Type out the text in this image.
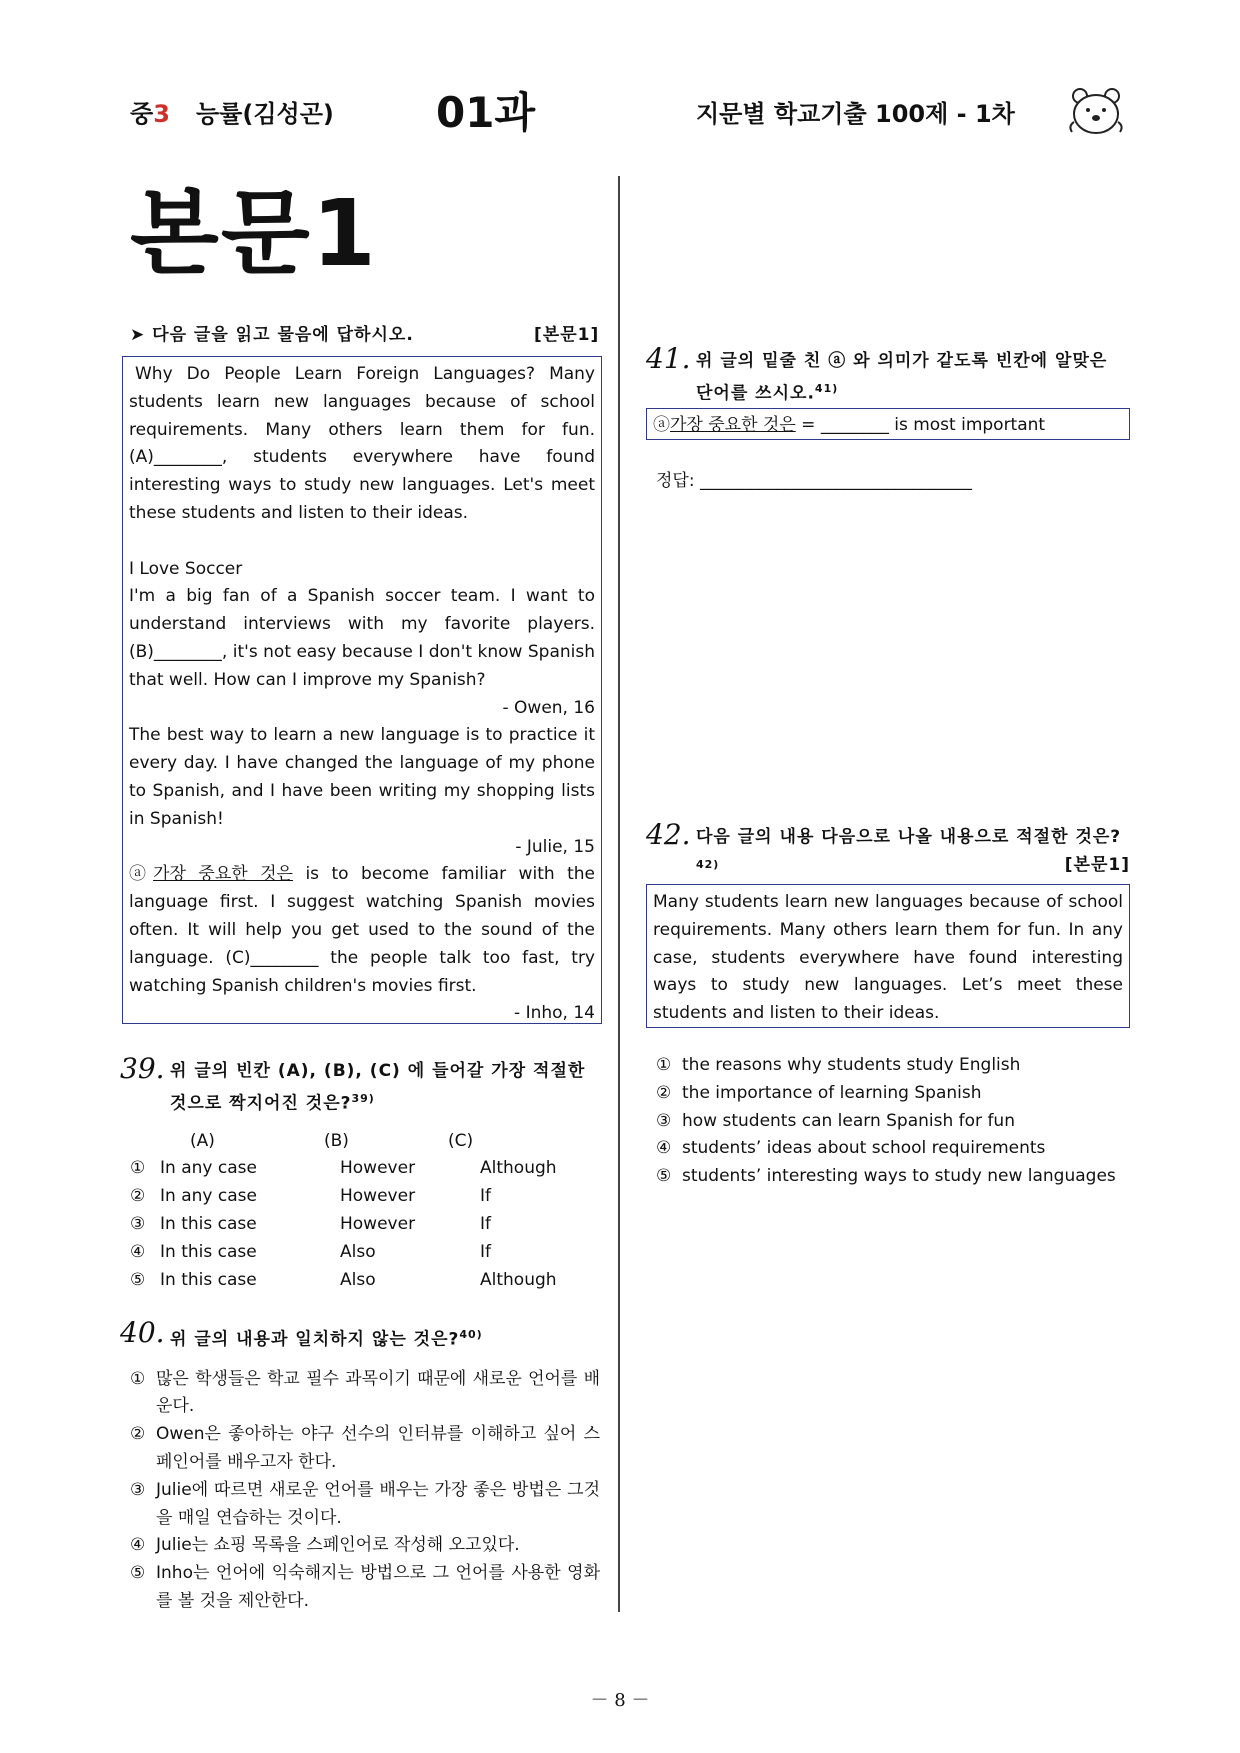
중3 능률(김성곤) 01과	지문별 학교기출 100제 - 1차
본문1
➤ 다음 글을 읽고 물음에 답하시오.	[본문1]

Why Do People Learn Foreign Languages? Many students learn new languages because of school requirements. Many others learn them for fun. (A)________, students everywhere have found interesting ways to study new languages. Let's meet these students and listen to their ideas.

I Love Soccer

I'm a big fan of a Spanish soccer team. I want to understand interviews with my favorite players. (B)________, it's not easy because I don't know Spanish that well. How can I improve my Spanish?

- Owen, 16

The best way to learn a new language is to practice it every day. I have changed the language of my phone to Spanish, and I have been writing my shopping lists in Spanish!

- Julie, 15

ⓐ가장 중요한 것은 is to become familiar with the language first. I suggest watching Spanish movies often. It will help you get used to the sound of the language. (C)________ the people talk too fast, try watching Spanish children's movies first.

- Inho, 14

39. 위 글의 빈칸 (A), (B), (C) 에 들어갈 가장 적절한 것으로 짝지어진 것은?$^{39)}$
(A)	(B)	(C)
① In any case	However	Although
② In any case	However	If
③ In this case	However	If
④ In this case	Also	If
⑤ In this case	Also	Although
40. 위 글의 내용과 일치하지 않는 것은?$^{40)}$
① 많은 학생들은 학교 필수 과목이기 때문에 새로운 언어를 배운다.
② Owen은 좋아하는 야구 선수의 인터뷰를 이해하고 싶어 스페인어를 배우고자 한다.
③ Julie에 따르면 새로운 언어를 배우는 가장 좋은 방법은 그것을 매일 연습하는 것이다.
④ Julie는 쇼핑 목록을 스페인어로 작성해 오고있다.
⑤ Inho는 언어에 익숙해지는 방법으로 그 언어를 사용한 영화를 볼 것을 제안한다.
41. 위 글의 밑줄 친 ⓐ 와 의미가 같도록 빈칸에 알맞은 단어를 쓰시오.$^{41)}$
ⓐ가장 중요한 것은 = ________ is most important
정답: ________________________________
42. 다음 글의 내용 다음으로 나올 내용으로 적절한 것은?$^{42)}$	[본문1]
Many students learn new languages because of school requirements. Many others learn them for fun. In any case, students everywhere have found interesting ways to study new languages. Let’s meet these students and listen to their ideas.
① the reasons why students study English
② the importance of learning Spanish
③ how students can learn Spanish for fun
④ students’ ideas about school requirements
⑤ students’ interesting ways to study new languages
－ 8 －
